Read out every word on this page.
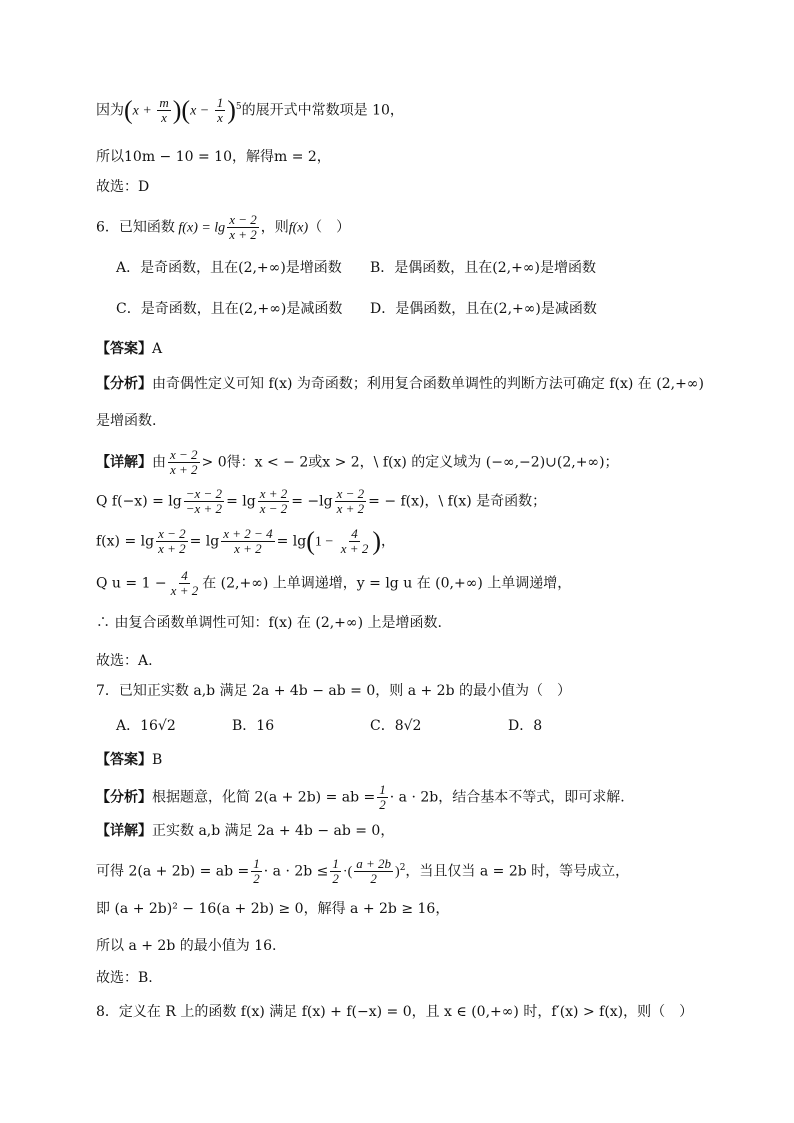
因为$(x + \frac{m}{x} )(x - \frac{1}{x} )^5$的展开式中常数项是 10，
所以10m − 10 = 10，解得m = 2，
故选：D
6．已知函数 $f(x) = \lg \frac{x - 2}{x + 2}$ ，则f(x)（　）
A．是奇函数，且在(2,+∞)是增函数 B．是偶函数，且在(2,+∞)是增函数
C．是奇函数，且在(2,+∞)是减函数 D．是偶函数，且在(2,+∞)是减函数
【答案】A
【分析】由奇偶性定义可知 f(x) 为奇函数；利用复合函数单调性的判断方法可确定 f(x) 在 (2,+∞)
是增函数.
【详解】由 $\frac{x - 2}{x + 2} > 0$得：x < − 2或x > 2，\ f(x) 的定义域为 (−∞,−2)∪(2,+∞)；
Q $f(-x) = \lg \frac{-x - 2}{-x + 2} = \lg \frac{x + 2}{x - 2} = -\lg \frac{x - 2}{x + 2}$ = − f(x)，\ f(x) 是奇函数；
$f(x) = \lg \frac{x - 2}{x + 2} = \lg \frac{x + 2 - 4}{x + 2} = \lg(1 - \frac{4}{x + 2}$ )，
Q $u = 1 - \frac{4}{x + 2}$ 在 (2,+∞) 上单调递增，y = lg u 在 (0,+∞) 上单调递增，
∴ 由复合函数单调性可知：f(x) 在 (2,+∞) 上是增函数.
故选：A.
7．已知正实数 a,b 满足 2a + 4b − ab = 0，则 a + 2b 的最小值为（　）
A．16√2	B．16	C．8√2	D．8
【答案】B
【分析】根据题意，化简 2(a + 2b) = ab = $\frac{1}{2} \cdot a \cdot 2b$，结合基本不等式，即可求解.
【详解】正实数 a,b 满足 2a + 4b − ab = 0，
可得 2(a + 2b) = ab = $\frac{1}{2} \cdot a \cdot 2b \le \frac{1}{2}$ ·( $\frac{a + 2b}{2} )^2$，当且仅当 a = 2b 时，等号成立，
即 (a + 2b)² − 16(a + 2b) ≥ 0，解得 a + 2b ≥ 16，
所以 a + 2b 的最小值为 16.
故选：B.
8．定义在 R 上的函数 f(x) 满足 f(x) + f(−x) = 0，且 x ∈ (0,+∞) 时，f′(x) > f(x)，则（　）
